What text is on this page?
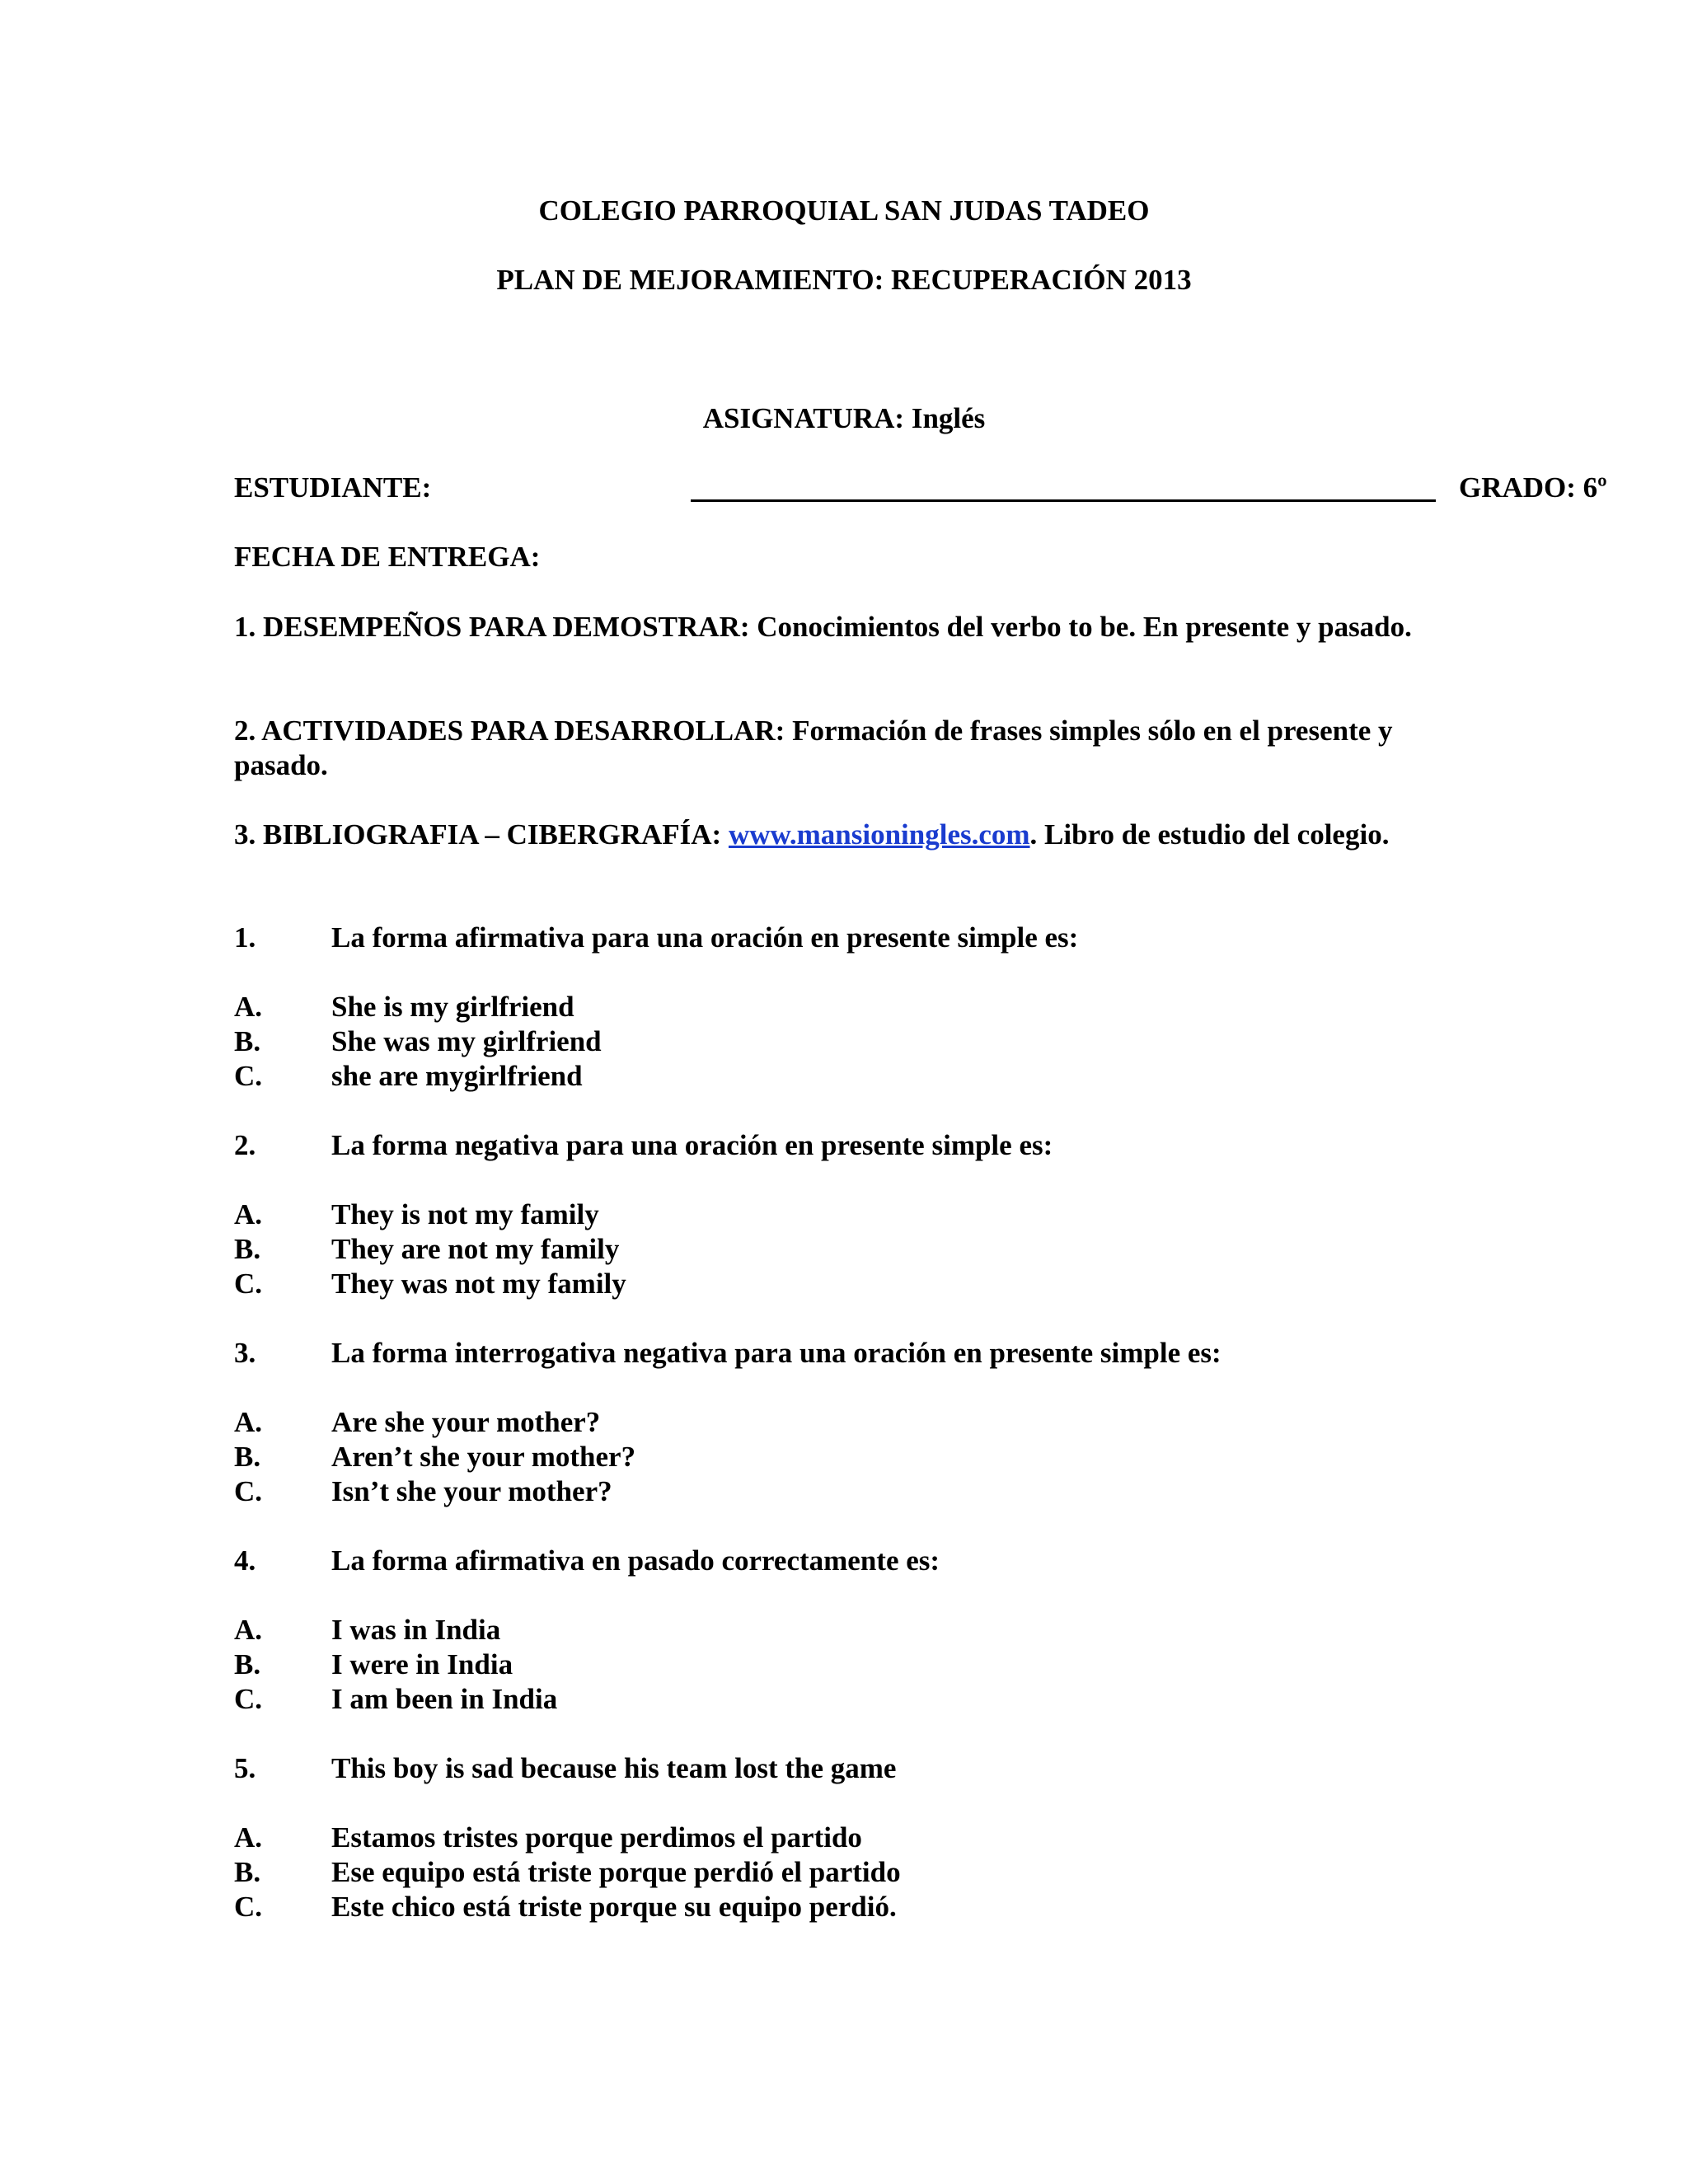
COLEGIO PARROQUIAL SAN JUDAS TADEO
PLAN DE MEJORAMIENTO: RECUPERACIÓN 2013
ASIGNATURA: Inglés
ESTUDIANTE:	GRADO: 6º
FECHA DE ENTREGA:
1. DESEMPEÑOS PARA DEMOSTRAR: Conocimientos del verbo to be. En presente y pasado.
2. ACTIVIDADES PARA DESARROLLAR: Formación de frases simples sólo en el presente y pasado.
3. BIBLIOGRAFIA – CIBERGRAFÍA: www.mansioningles.com. Libro de estudio del colegio.
1.	La forma afirmativa para una oración en presente simple es:
A. She is my girlfriend
B. She was my girlfriend
C. she are mygirlfriend
2.	La forma negativa para una oración en presente simple es:
A. They is not my family
B. They are not my family
C. They was not my family
3.	La forma interrogativa negativa para una oración en presente simple es:
A. Are she your mother?
B. Aren’t she your mother?
C. Isn’t she your mother?
4.	La forma afirmativa en pasado correctamente es:
A. I was in India
B. I were in India
C. I am been in India
5.	This boy is sad because his team lost the game
A. Estamos tristes porque perdimos el partido
B. Ese equipo está triste porque perdió el partido
C. Este chico está triste porque su equipo perdió.
